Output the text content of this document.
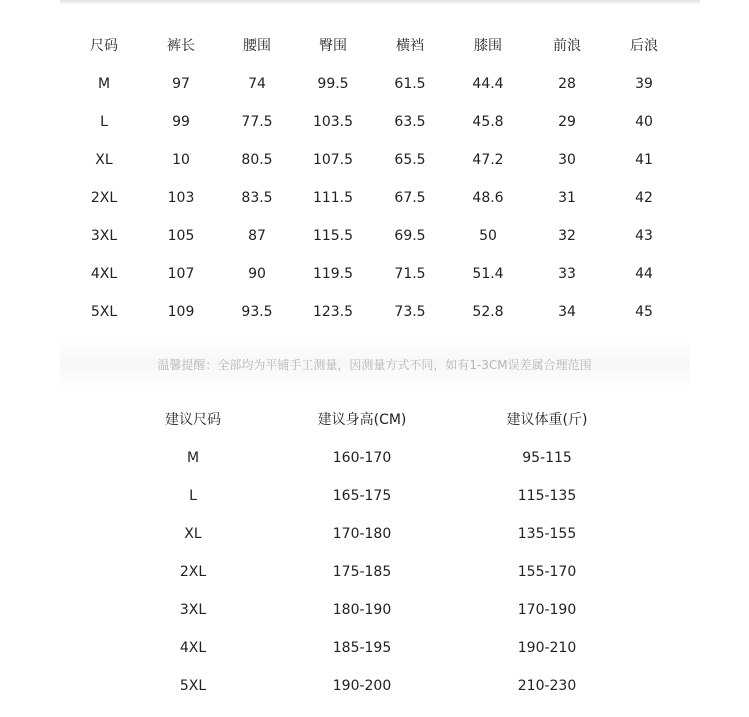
尺码	裤长	腰围	臀围	横裆	膝围	前浪	后浪
M	97	74	99.5	61.5	44.4	28	39
L	99	77.5	103.5	63.5	45.8	29	40
XL	10	80.5	107.5	65.5	47.2	30	41
2XL	103	83.5	111.5	67.5	48.6	31	42
3XL	105	87	115.5	69.5	50	32	43
4XL	107	90	119.5	71.5	51.4	33	44
5XL	109	93.5	123.5	73.5	52.8	34	45
温馨提醒：全部均为平铺手工测量，因测量方式不同，如有1-3CM误差属合理范围
建议尺码	建议身高(CM)	建议体重(斤)
M	160-170	95-115
L	165-175	115-135
XL	170-180	135-155
2XL	175-185	155-170
3XL	180-190	170-190
4XL	185-195	190-210
5XL	190-200	210-230
